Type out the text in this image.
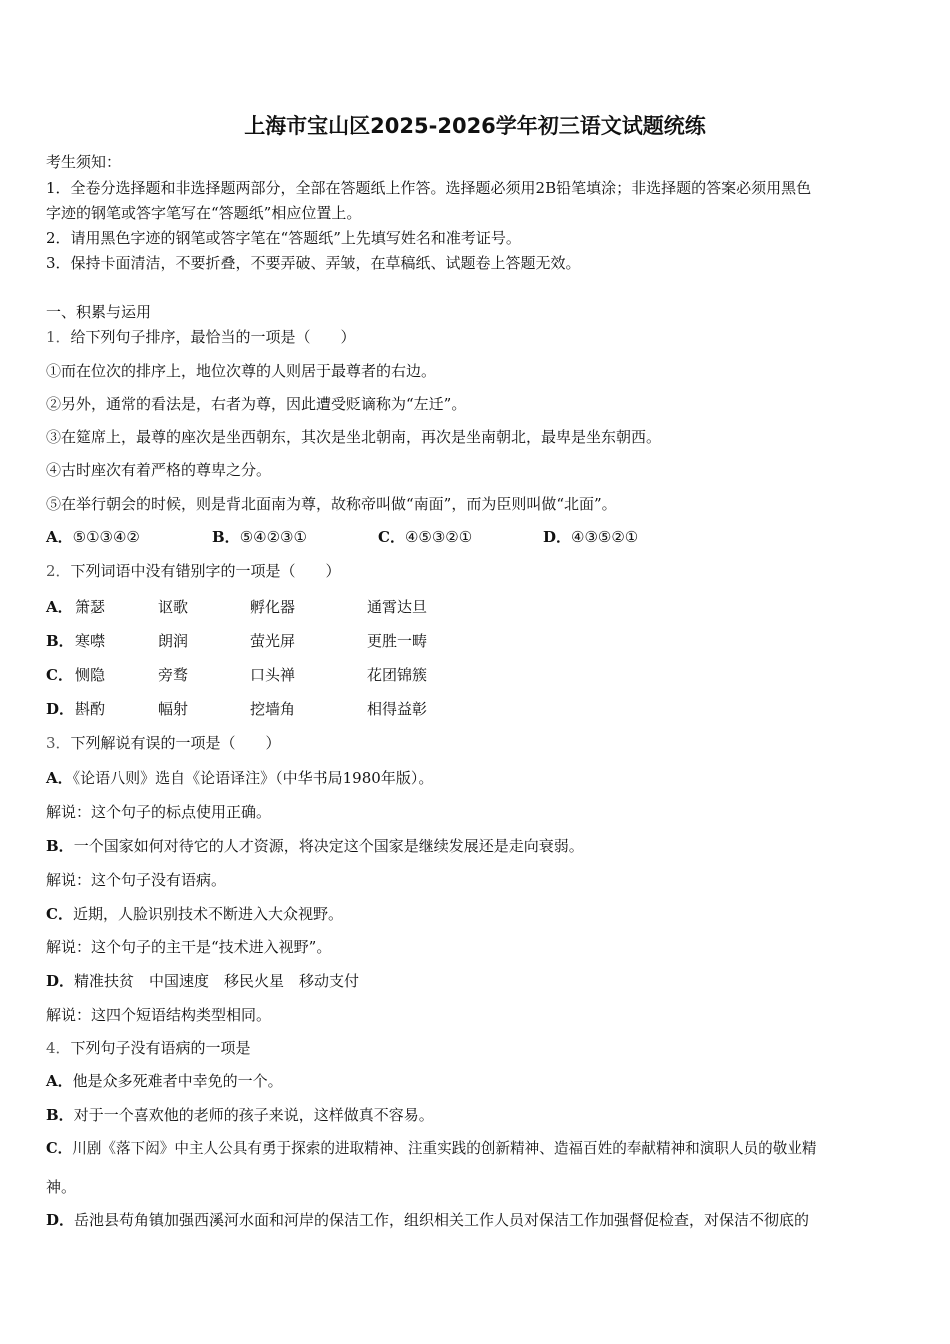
上海市宝山区2025-2026学年初三语文试题统练
考生须知：
1．全卷分选择题和非选择题两部分，全部在答题纸上作答。选择题必须用2B铅笔填涂；非选择题的答案必须用黑色
字迹的钢笔或答字笔写在“答题纸”相应位置上。
2．请用黑色字迹的钢笔或答字笔在“答题纸”上先填写姓名和准考证号。
3．保持卡面清洁，不要折叠，不要弄破、弄皱，在草稿纸、试题卷上答题无效。
一、积累与运用
1．给下列句子排序，最恰当的一项是（　　）
①而在位次的排序上，地位次尊的人则居于最尊者的右边。
②另外，通常的看法是，右者为尊，因此遭受贬谪称为“左迁”。
③在筵席上，最尊的座次是坐西朝东，其次是坐北朝南，再次是坐南朝北，最卑是坐东朝西。
④古时座次有着严格的尊卑之分。
⑤在举行朝会的时候，则是背北面南为尊，故称帝叫做“南面”，而为臣则叫做“北面”。
A．⑤①③④②	B．⑤④②③①	C．④⑤③②①	D．④③⑤②①
2．下列词语中没有错别字的一项是（　　）
A． 箫瑟	讴歌	孵化器	通霄达旦
B． 寒噤	朗润	萤光屏	更胜一畴
C． 恻隐	旁骛	口头禅	花团锦簇
D． 斟酌	幅射	挖墙角	相得益彰
3．下列解说有误的一项是（　　）
A．《论语八则》选自《论语译注》（中华书局1980年版）。
解说：这个句子的标点使用正确。
B．一个国家如何对待它的人才资源，将决定这个国家是继续发展还是走向衰弱。
解说：这个句子没有语病。
C．近期，人脸识别技术不断进入大众视野。
解说：这个句子的主干是“技术进入视野”。
D．精准扶贫　中国速度　移民火星　移动支付
解说：这四个短语结构类型相同。
4．下列句子没有语病的一项是
A．他是众多死难者中幸免的一个。
B．对于一个喜欢他的老师的孩子来说，这样做真不容易。
C．川剧《落下闳》中主人公具有勇于探索的进取精神、注重实践的创新精神、造福百姓的奉献精神和演职人员的敬业精
神。
D．岳池县苟角镇加强西溪河水面和河岸的保洁工作，组织相关工作人员对保洁工作加强督促检查，对保洁不彻底的
